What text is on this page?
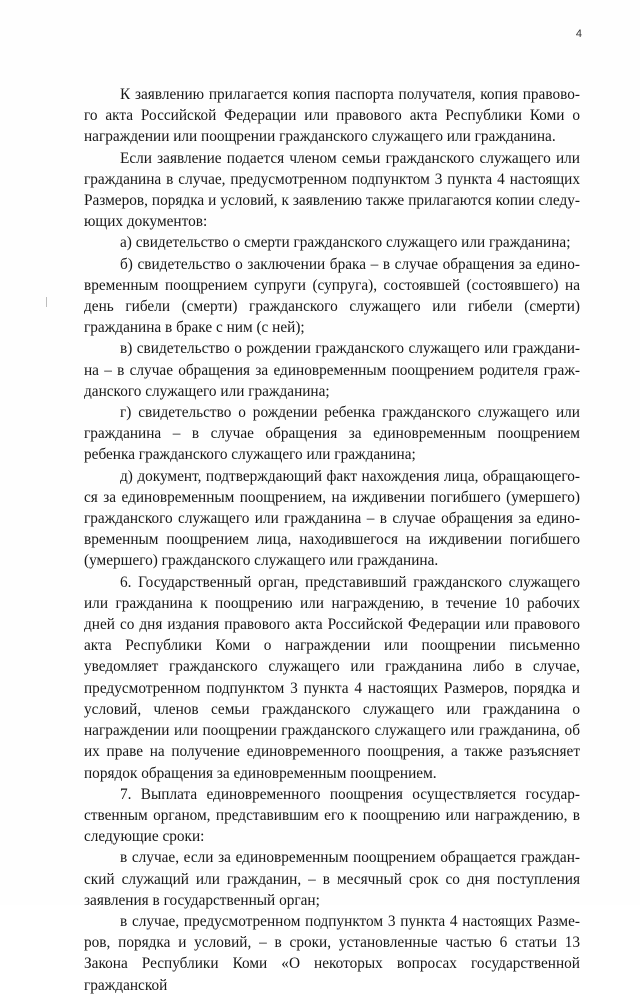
4

К заявлению прилагается копия паспорта получателя, копия правового акта Российской Федерации или правового акта Республики Коми о награждении или поощрении гражданского служащего или гражданина.

Если заявление подается членом семьи гражданского служащего или гражданина в случае, предусмотренном подпунктом 3 пункта 4 настоящих Размеров, порядка и условий, к заявлению также прилагаются копии следующих документов:

а) свидетельство о смерти гражданского служащего или гражданина;

б) свидетельство о заключении брака – в случае обращения за единовременным поощрением супруги (супруга), состоявшей (состоявшего) на день гибели (смерти) гражданского служащего или гибели (смерти) гражданина в браке с ним (с ней);

в) свидетельство о рождении гражданского служащего или гражданина – в случае обращения за единовременным поощрением родителя гражданского служащего или гражданина;

г) свидетельство о рождении ребенка гражданского служащего или гражданина – в случае обращения за единовременным поощрением ребенка гражданского служащего или гражданина;

д) документ, подтверждающий факт нахождения лица, обращающегося за единовременным поощрением, на иждивении погибшего (умершего) гражданского служащего или гражданина – в случае обращения за единовременным поощрением лица, находившегося на иждивении погибшего (умершего) гражданского служащего или гражданина.

6. Государственный орган, представивший гражданского служащего или гражданина к поощрению или награждению, в течение 10 рабочих дней со дня издания правового акта Российской Федерации или правового акта Республики Коми о награждении или поощрении письменно уведомляет гражданского служащего или гражданина либо в случае, предусмотренном подпунктом 3 пункта 4 настоящих Размеров, порядка и условий, членов семьи гражданского служащего или гражданина о награждении или поощрении гражданского служащего или гражданина, об их праве на получение единовременного поощрения, а также разъясняет порядок обращения за единовременным поощрением.

7. Выплата единовременного поощрения осуществляется государственным органом, представившим его к поощрению или награждению, в следующие сроки:

в случае, если за единовременным поощрением обращается гражданский служащий или гражданин, – в месячный срок со дня поступления заявления в государственный орган;

в случае, предусмотренном подпунктом 3 пункта 4 настоящих Размеров, порядка и условий, – в сроки, установленные частью 6 статьи 13 Закона Республики Коми «О некоторых вопросах государственной гражданской
